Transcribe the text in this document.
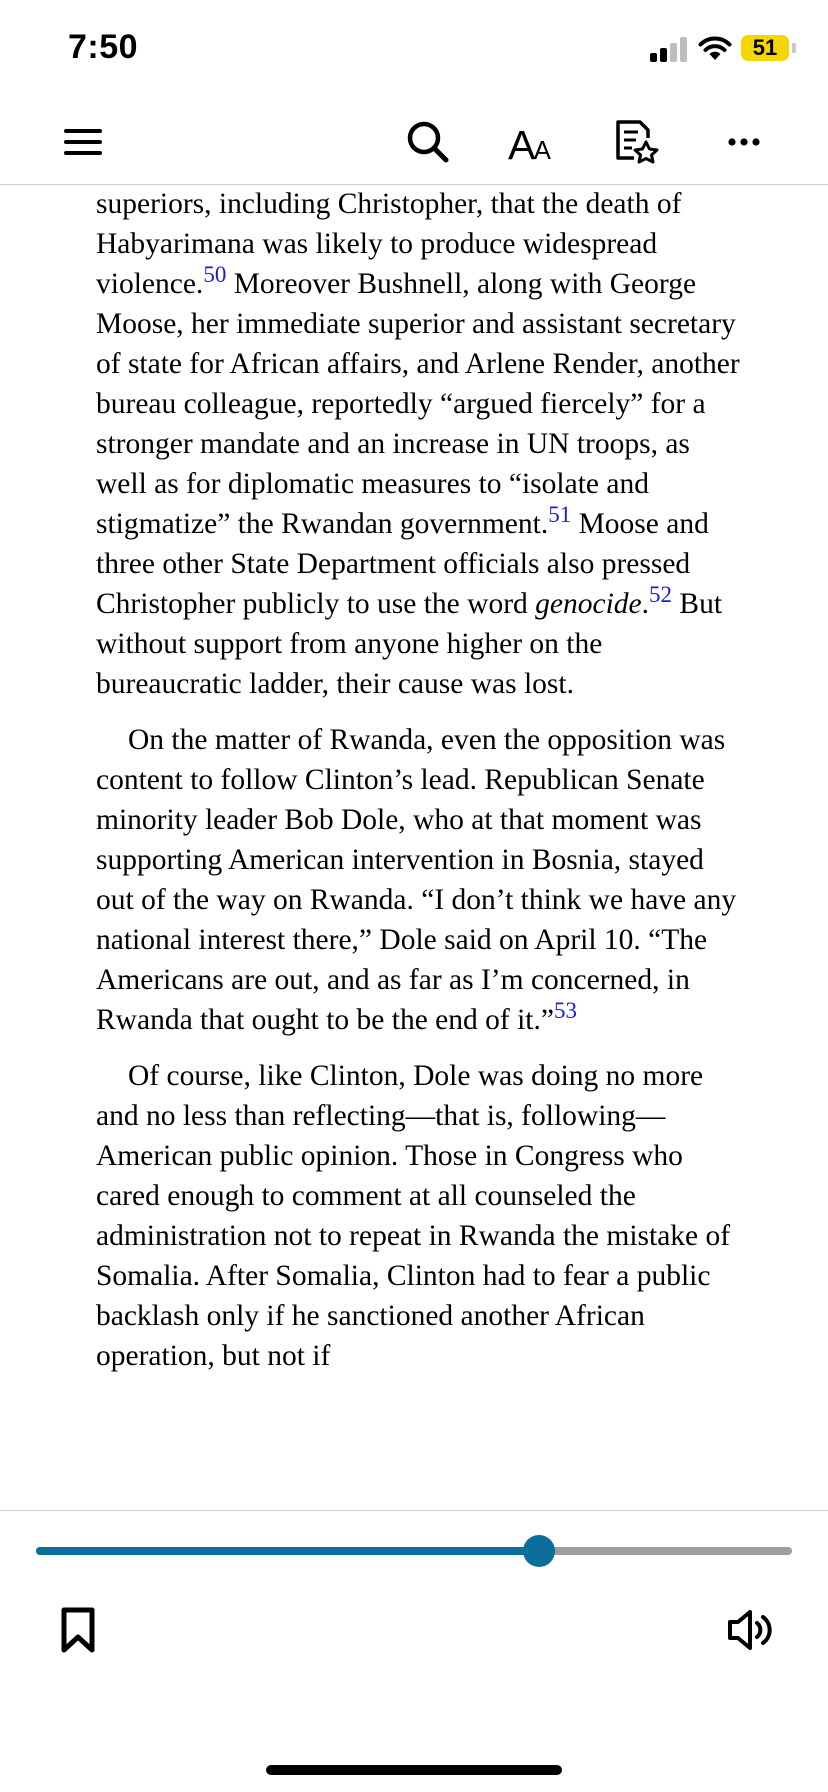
7:50	51
A
A

superiors, including Christopher, that the death of Habyarimana was likely to produce widespread violence.$^{50}$ Moreover Bushnell, along with George Moose, her immediate superior and assistant secretary of state for African affairs, and Arlene Render, another bureau colleague, reportedly “argued fiercely” for a stronger mandate and an increase in UN troops, as well as for diplomatic measures to “isolate and stigmatize” the Rwandan government.$^{51}$ Moose and three other State Department officials also pressed Christopher publicly to use the word genocide.$^{52}$ But without support from anyone higher on the bureaucratic ladder, their cause was lost.

On the matter of Rwanda, even the opposition was content to follow Clinton’s lead. Republican Senate minority leader Bob Dole, who at that moment was supporting American intervention in Bosnia, stayed out of the way on Rwanda. “I don’t think we have any national interest there,” Dole said on April 10. “The Americans are out, and as far as I’m concerned, in Rwanda that ought to be the end of it.”$^{53}$

Of course, like Clinton, Dole was doing no more and no less than reflecting—that is, following—American public opinion. Those in Congress who cared enough to comment at all counseled the administration not to repeat in Rwanda the mistake of Somalia. After Somalia, Clinton had to fear a public backlash only if he sanctioned another African operation, but not if
